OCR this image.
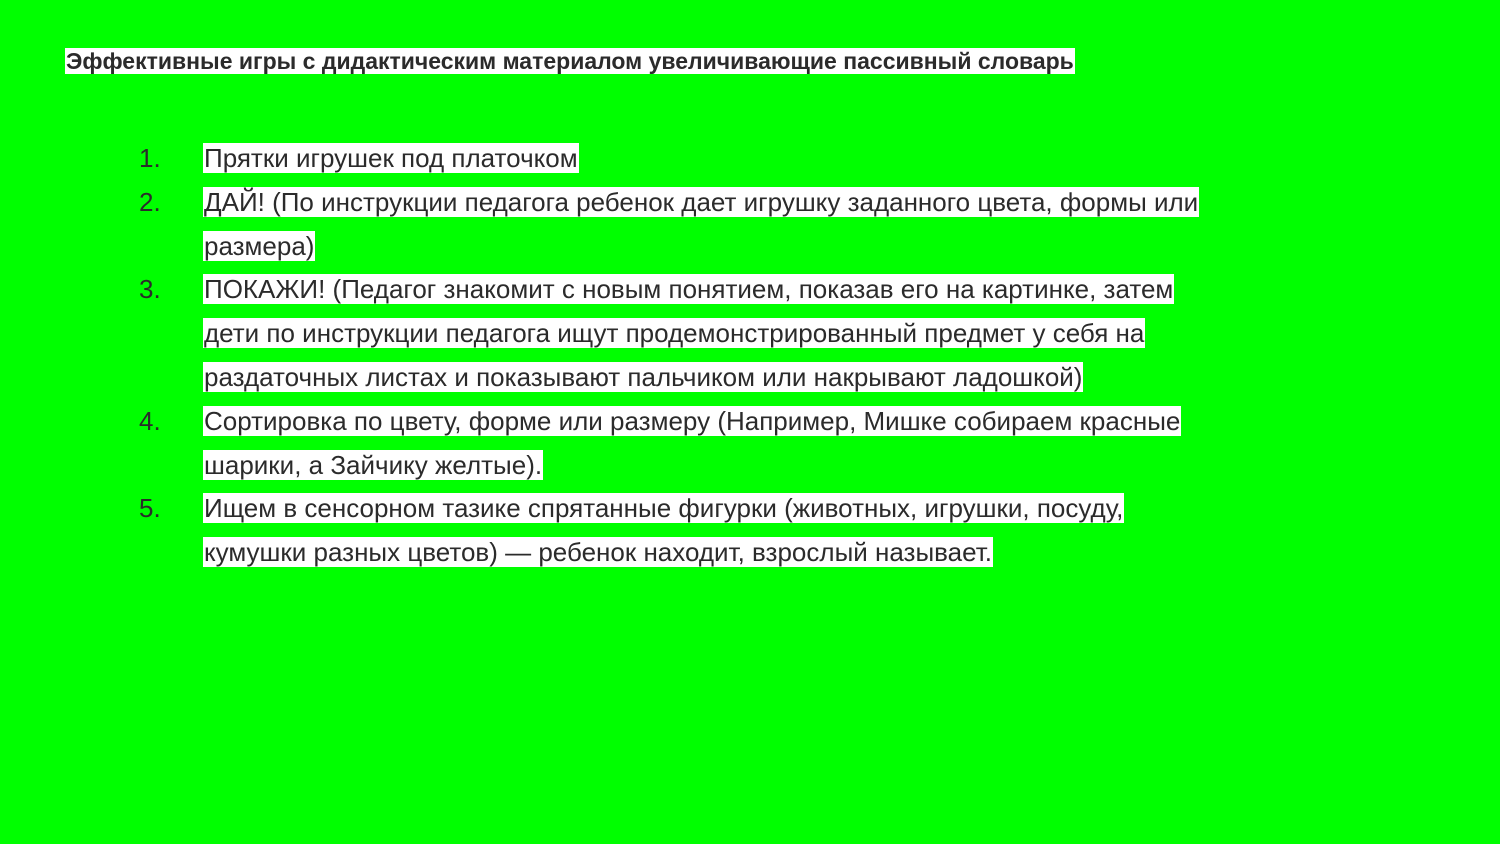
Эффективные игры с дидактическим материалом увеличивающие пассивный словарь
1. Прятки игрушек под платочком
2. ДАЙ! (По инструкции педагога ребенок дает игрушку заданного цвета, формы или
размера)
3. ПОКАЖИ! (Педагог знакомит с новым понятием, показав его на картинке, затем
дети по инструкции педагога ищут продемонстрированный предмет у себя на
раздаточных листах и показывают пальчиком или накрывают ладошкой)
4. Сортировка по цвету, форме или размеру (Например, Мишке собираем красные
шарики, а Зайчику желтые).
5. Ищем в сенсорном тазике спрятанные фигурки (животных, игрушки, посуду,
кумушки разных цветов) — ребенок находит, взрослый называет.
